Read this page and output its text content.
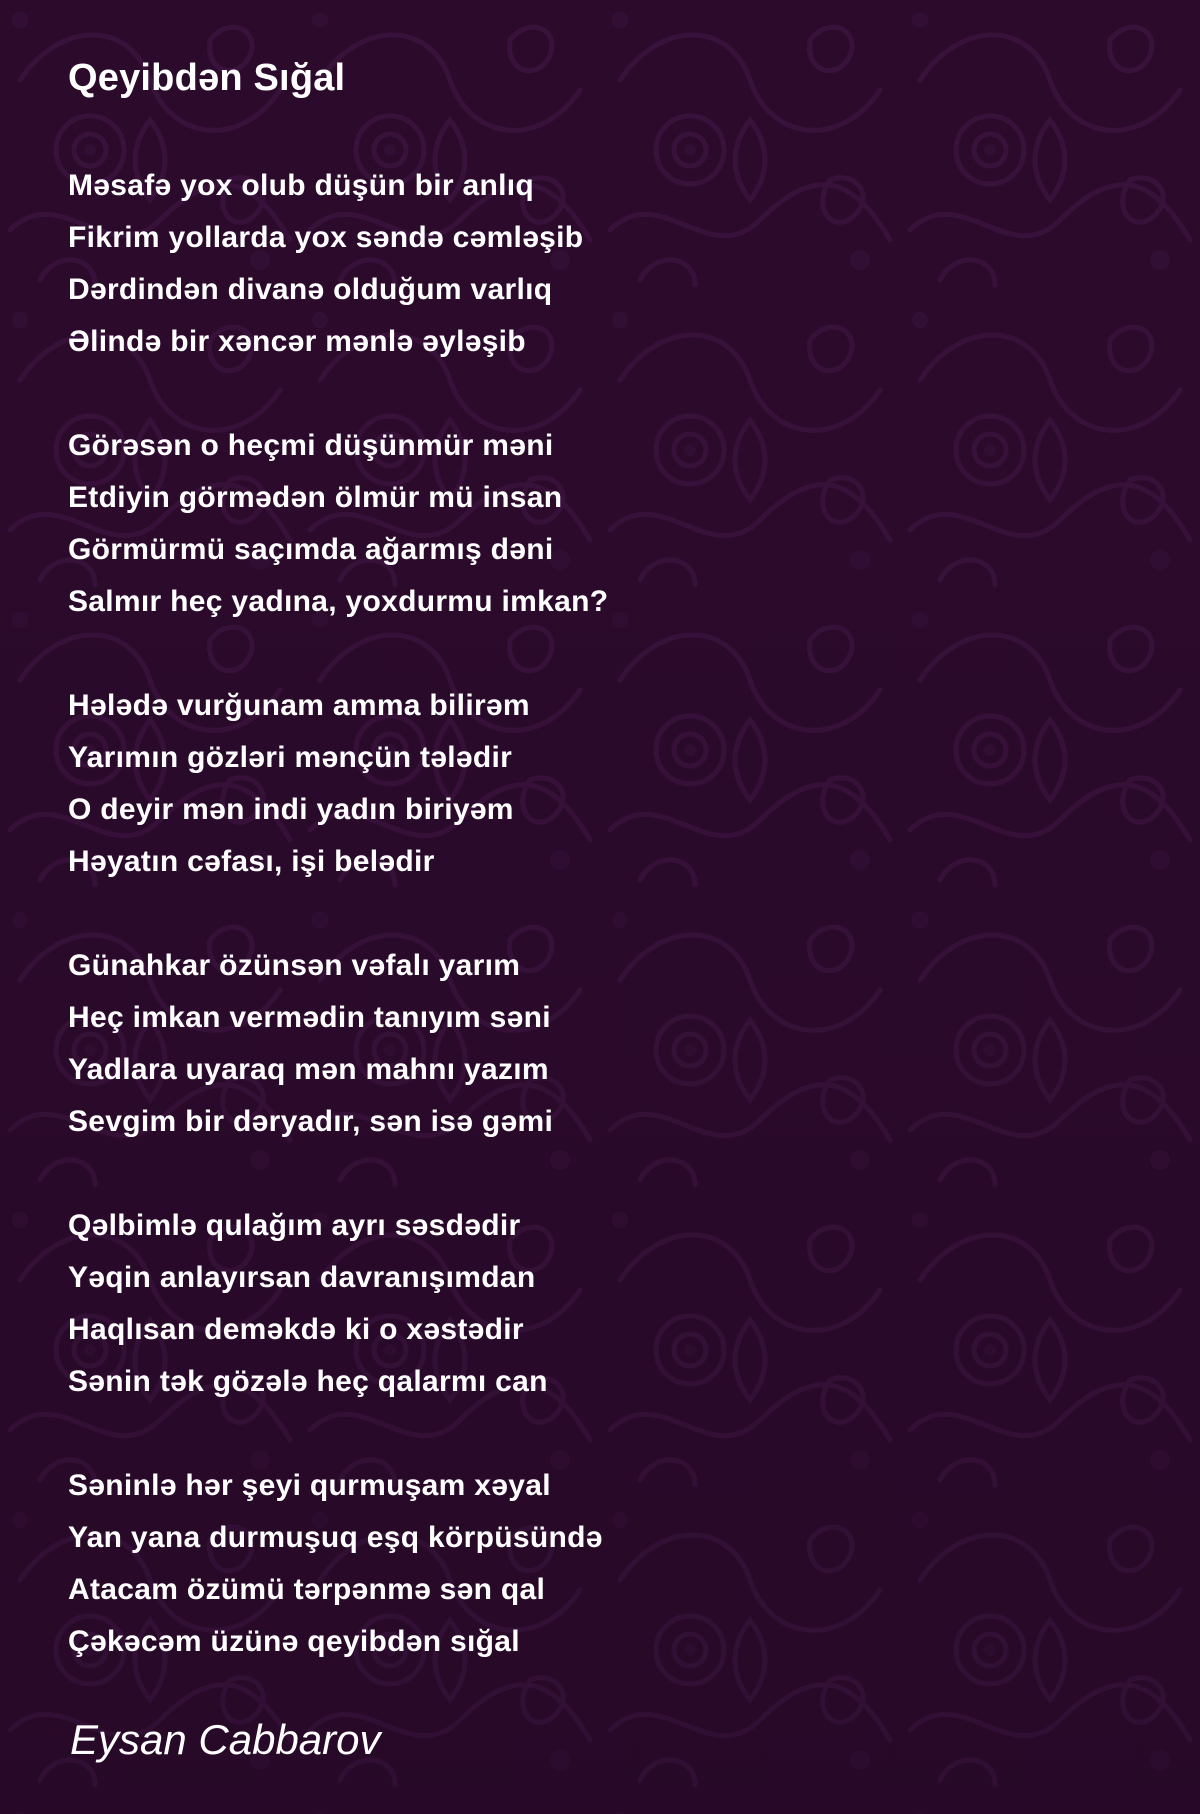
Qeyibdən Sığal
Məsafə yox olub düşün bir anlıq
Fikrim yollarda yox səndə cəmləşib
Dərdindən divanə olduğum varlıq
Əlində bir xəncər mənlə əyləşib
Görəsən o heçmi düşünmür məni
Etdiyin görmədən ölmür mü insan
Görmürmü saçımda ağarmış dəni
Salmır heç yadına, yoxdurmu imkan?
Hələdə vurğunam amma bilirəm
Yarımın gözləri mənçün tələdir
O deyir mən indi yadın biriyəm
Həyatın cəfası, işi belədir
Günahkar özünsən vəfalı yarım
Heç imkan verm​ədin tanıyım səni
Yadlara uyaraq mən mahnı yazım
Sevgim bir dəryadır, sən isə gəmi
Qəlbimlə qulağım ayrı səsdədir
Yəqin anlayırsan davranışımdan
Haqlısan deməkdə ki o xəstədir
Sənin tək gözələ heç qalarmı can
Səninlə hər şeyi qurmuşam xəyal
Yan yana durmuşuq eşq körpüsündə
Atacam özümü tərpənmə sən qal
Çəkəcəm üzünə qeyibdən sığal
Eysan Cabbarov
